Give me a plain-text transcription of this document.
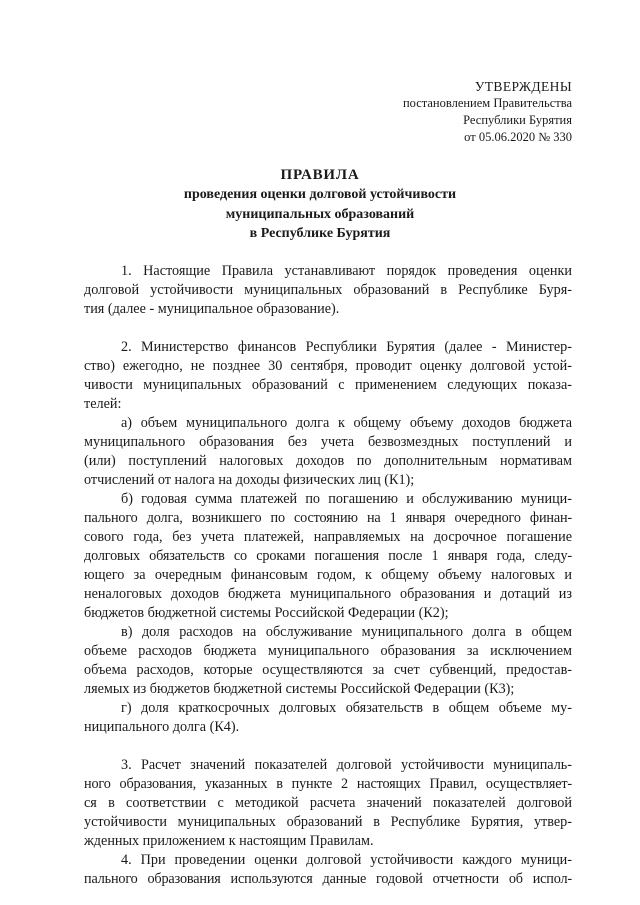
УТВЕРЖДЕНЫ
постановлением Правительства
Республики Бурятия
от 05.06.2020 № 330
ПРАВИЛА
проведения оценки долговой устойчивости
муниципальных образований
в Республике Бурятия
1. Настоящие Правила устанавливают порядок проведения оценки
долговой устойчивости муниципальных образований в Республике Буря-
тия (далее - муниципальное образование).
2. Министерство финансов Республики Бурятия (далее - Министер-
ство) ежегодно, не позднее 30 сентября, проводит оценку долговой устой-
чивости муниципальных образований с применением следующих показа-
телей:
а) объем муниципального долга к общему объему доходов бюджета
муниципального образования без учета безвозмездных поступлений и
(или) поступлений налоговых доходов по дополнительным нормативам
отчислений от налога на доходы физических лиц (К1);
б) годовая сумма платежей по погашению и обслуживанию муници-
пального долга, возникшего по состоянию на 1 января очередного финан-
сового года, без учета платежей, направляемых на досрочное погашение
долговых обязательств со сроками погашения после 1 января года, следу-
ющего за очередным финансовым годом, к общему объему налоговых и
неналоговых доходов бюджета муниципального образования и дотаций из
бюджетов бюджетной системы Российской Федерации (К2);
в) доля расходов на обслуживание муниципального долга в общем
объеме расходов бюджета муниципального образования за исключением
объема расходов, которые осуществляются за счет субвенций, предостав-
ляемых из бюджетов бюджетной системы Российской Федерации (К3);
г) доля краткосрочных долговых обязательств в общем объеме му-
ниципального долга (К4).
3. Расчет значений показателей долговой устойчивости муниципаль-
ного образования, указанных в пункте 2 настоящих Правил, осуществляет-
ся в соответствии с методикой расчета значений показателей долговой
устойчивости муниципальных образований в Республике Бурятия, утвер-
жденных приложением к настоящим Правилам.
4. При проведении оценки долговой устойчивости каждого муници-
пального образования используются данные годовой отчетности об испол-
